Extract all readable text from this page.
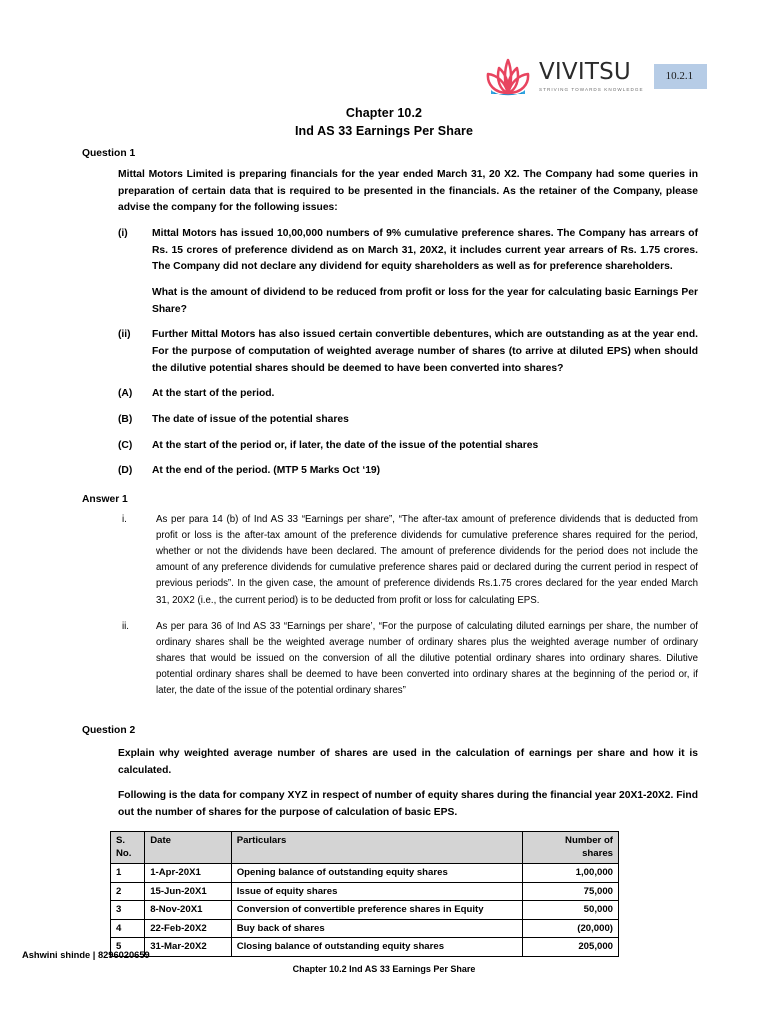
VIVITSU
STRIVING TOWARDS KNOWLEDGE
10.2.1
Chapter 10.2
Ind AS 33 Earnings Per Share
Question 1

Mittal Motors Limited is preparing financials for the year ended March 31, 20 X2. The Company had some queries in preparation of certain data that is required to be presented in the financials. As the retainer of the Company, please advise the company for the following issues:

(i)	Mittal Motors has issued 10,00,000 numbers of 9% cumulative preference shares. The Company has arrears of Rs. 15 crores of preference dividend as on March 31, 20X2, it includes current year arrears of Rs. 1.75 crores. The Company did not declare any dividend for equity shareholders as well as for preference shareholders.
What is the amount of dividend to be reduced from profit or loss for the year for calculating basic Earnings Per Share?
(ii)	Further Mittal Motors has also issued certain convertible debentures, which are outstanding as at the year end. For the purpose of computation of weighted average number of shares (to arrive at diluted EPS) when should the dilutive potential shares should be deemed to have been converted into shares?
(A)	At the start of the period.
(B)	The date of issue of the potential shares
(C)	At the start of the period or, if later, the date of the issue of the potential shares
(D)	At the end of the period. (MTP 5 Marks Oct ‘19)
Answer 1
i.	As per para 14 (b) of Ind AS 33 “Earnings per share”, “The after-tax amount of preference dividends that is deducted from profit or loss is the after-tax amount of the preference dividends for cumulative preference shares required for the period, whether or not the dividends have been declared. The amount of preference dividends for the period does not include the amount of any preference dividends for cumulative preference shares paid or declared during the current period in respect of previous periods”. In the given case, the amount of preference dividends Rs.1.75 crores declared for the year ended March 31, 20X2 (i.e., the current period) is to be deducted from profit or loss for calculating EPS.
ii.	As per para 36 of Ind AS 33 “Earnings per share’, “For the purpose of calculating diluted earnings per share, the number of ordinary shares shall be the weighted average number of ordinary shares plus the weighted average number of ordinary shares that would be issued on the conversion of all the dilutive potential ordinary shares into ordinary shares. Dilutive potential ordinary shares shall be deemed to have been converted into ordinary shares at the beginning of the period or, if later, the date of the issue of the potential ordinary shares”
Question 2

Explain why weighted average number of shares are used in the calculation of earnings per share and how it is calculated.

Following is the data for company XYZ in respect of number of equity shares during the financial year 20X1-20X2. Find out the number of shares for the purpose of calculation of basic EPS.

S.
No.	Date	Particulars	Number of
shares
1	1-Apr-20X1	Opening balance of outstanding equity shares	1,00,000
2	15-Jun-20X1	Issue of equity shares	75,000
3	8-Nov-20X1	Conversion of convertible preference shares in Equity	50,000
4	22-Feb-20X2	Buy back of shares	(20,000)
5	31-Mar-20X2	Closing balance of outstanding equity shares	205,000
Ashwini shinde | 8296020659
Chapter 10.2 Ind AS 33 Earnings Per Share
